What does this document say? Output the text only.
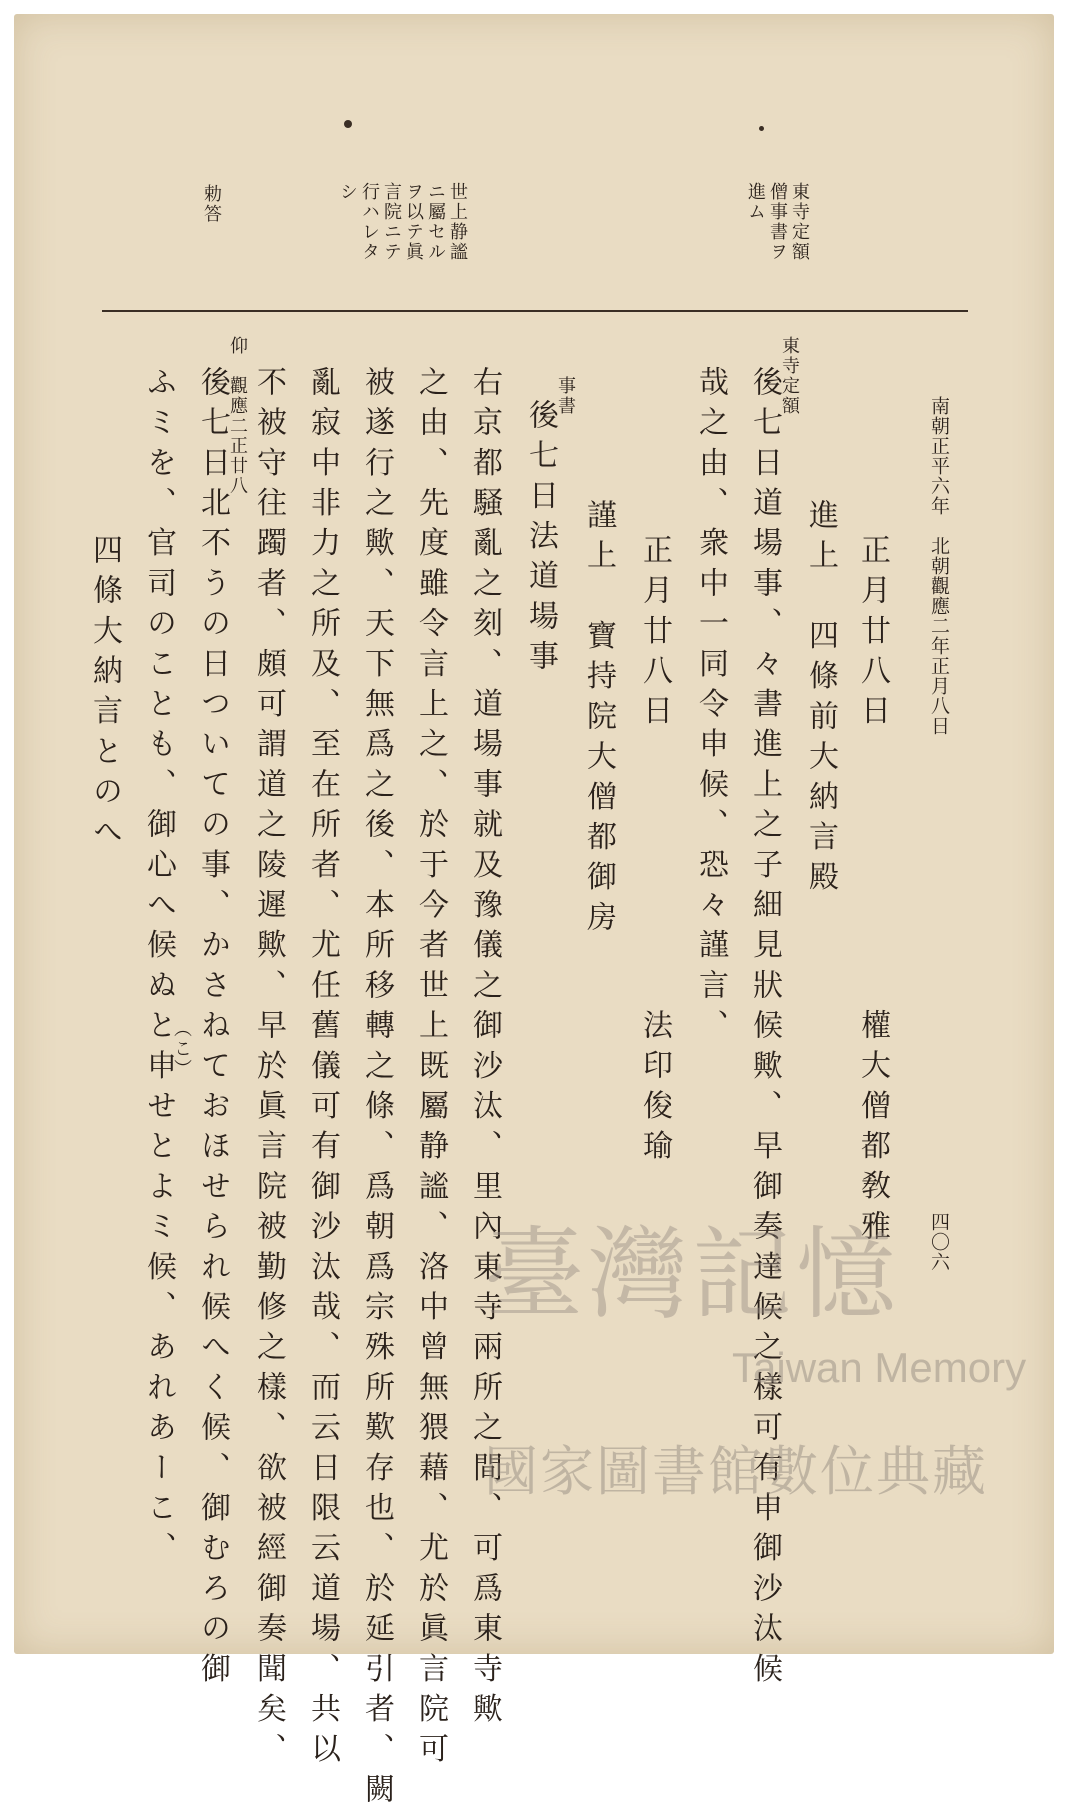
南朝正平六年　北朝觀應二年正月八日
四〇六
東寺定額
僧事書ヲ
進ム
世上静謐
ニ屬セル
ヲ以テ眞
言院ニテ
行ハレタ
シ
勅答
正月廿八日
權大僧都敎雅
進上　四條前大納言殿
東寺定額
後七日道場事、々書進上之子細見狀候歟、早御奏達候之樣可有申御沙汰候
哉之由、衆中一同令申候、恐々謹言、
正月廿八日
法印俊瑜
謹上　寶持院大僧都御房
事書
後七日法道場事
右京都騒亂之刻、道場事就及豫儀之御沙汰、里內東寺兩所之間、可爲東寺歟
之由、先度雖令言上之、於于今者世上既屬静謐、洛中曾無猥藉、尤於眞言院可
被遂行之歟、天下無爲之後、本所移轉之條、爲朝爲宗殊所歎存也、於延引者、闕
亂寂中非力之所及、至在所者、尤任舊儀可有御沙汰哉、而云日限云道場、共以
不被守往躅者、頗可謂道之陵遲歟、早於眞言院被勤修之樣、欲被經御奏聞矣、
仰　觀應二正廿八
後七日北不うの日ついての事、かさねておほせられ候へく候、御むろの御
（こ）
ふミを、官司のことも、御心へ候ぬと申せとよミ候、あれあーこ、
四條大納言とのへ
臺灣記憶
Taiwan Memory
國家圖書館數位典藏
